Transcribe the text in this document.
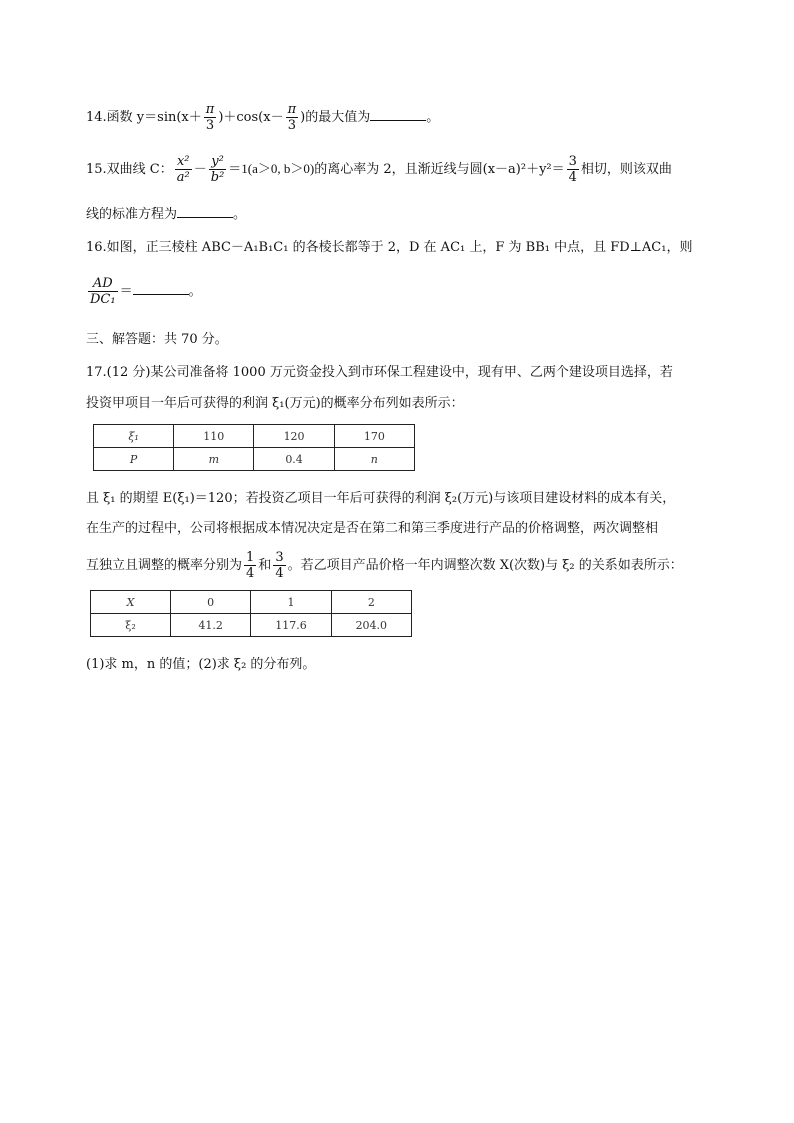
14.函数 $y=\sin(x+ \frac{\pi}{3} )+\cos(x- \frac{\pi}{3}$ )的最大值为	。
15.双曲线 C： $\frac{\text{x²}}{\text{a²}} - \frac{\text{y²}}{\text{b²}} =1(a>0$, b＞0)的离心率为 2，且渐近线与圆$(x-a)^2+y^2= \frac{3}{4}$ 相切，则该双曲
线的标准方程为	。
16.如图，正三棱柱 ABC－A₁B₁C₁ 的各棱长都等于 2，D 在 AC₁ 上，F 为 BB₁ 中点，且 FD⊥AC₁，则
$\frac{AD}{\text{DC₁}}$ ＝	。
三、解答题：共 70 分。
17.(12 分)某公司准备将 1000 万元资金投入到市环保工程建设中，现有甲、乙两个建设项目选择，若
投资甲项目一年后可获得的利润 ξ₁(万元)的概率分布列如表所示：
ξ₁	110	120	170
P	m	0.4	n
且 ξ₁ 的期望 E(ξ₁)＝120；若投资乙项目一年后可获得的利润 ξ₂(万元)与该项目建设材料的成本有关，
在生产的过程中，公司将根据成本情况决定是否在第二和第三季度进行产品的价格调整，两次调整相
互独立且调整的概率分别为 $\frac{1}{4}$ 和 $\frac{3}{4}$ 。若乙项目产品价格一年内调整次数 X(次数)与 ξ₂ 的关系如表所示：
X	0	1	2
ξ₂	41.2	117.6	204.0
(1)求 m，n 的值；(2)求 ξ₂ 的分布列。
